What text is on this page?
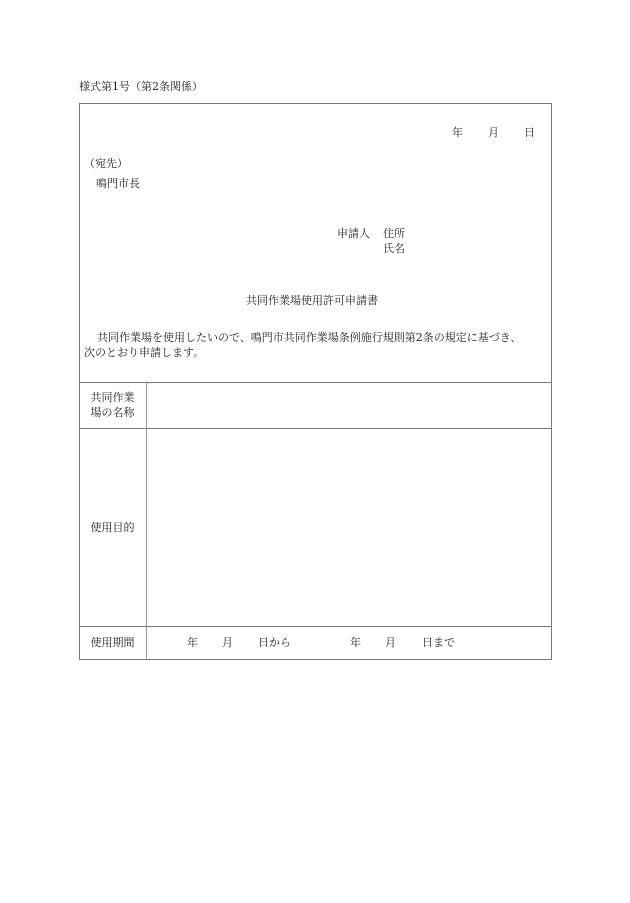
様式第1号（第2条関係）
年 月 日
（宛先）
鳴門市長
申請人 住所
氏名
共同作業場使用許可申請書
共同作業場を使用したいので、鳴門市共同作業場条例施行規則第2条の規定に基づき、
次のとおり申請します。
共同作業
場の名称
使用目的
使用期間	年 月 日から	年 月 日まで
